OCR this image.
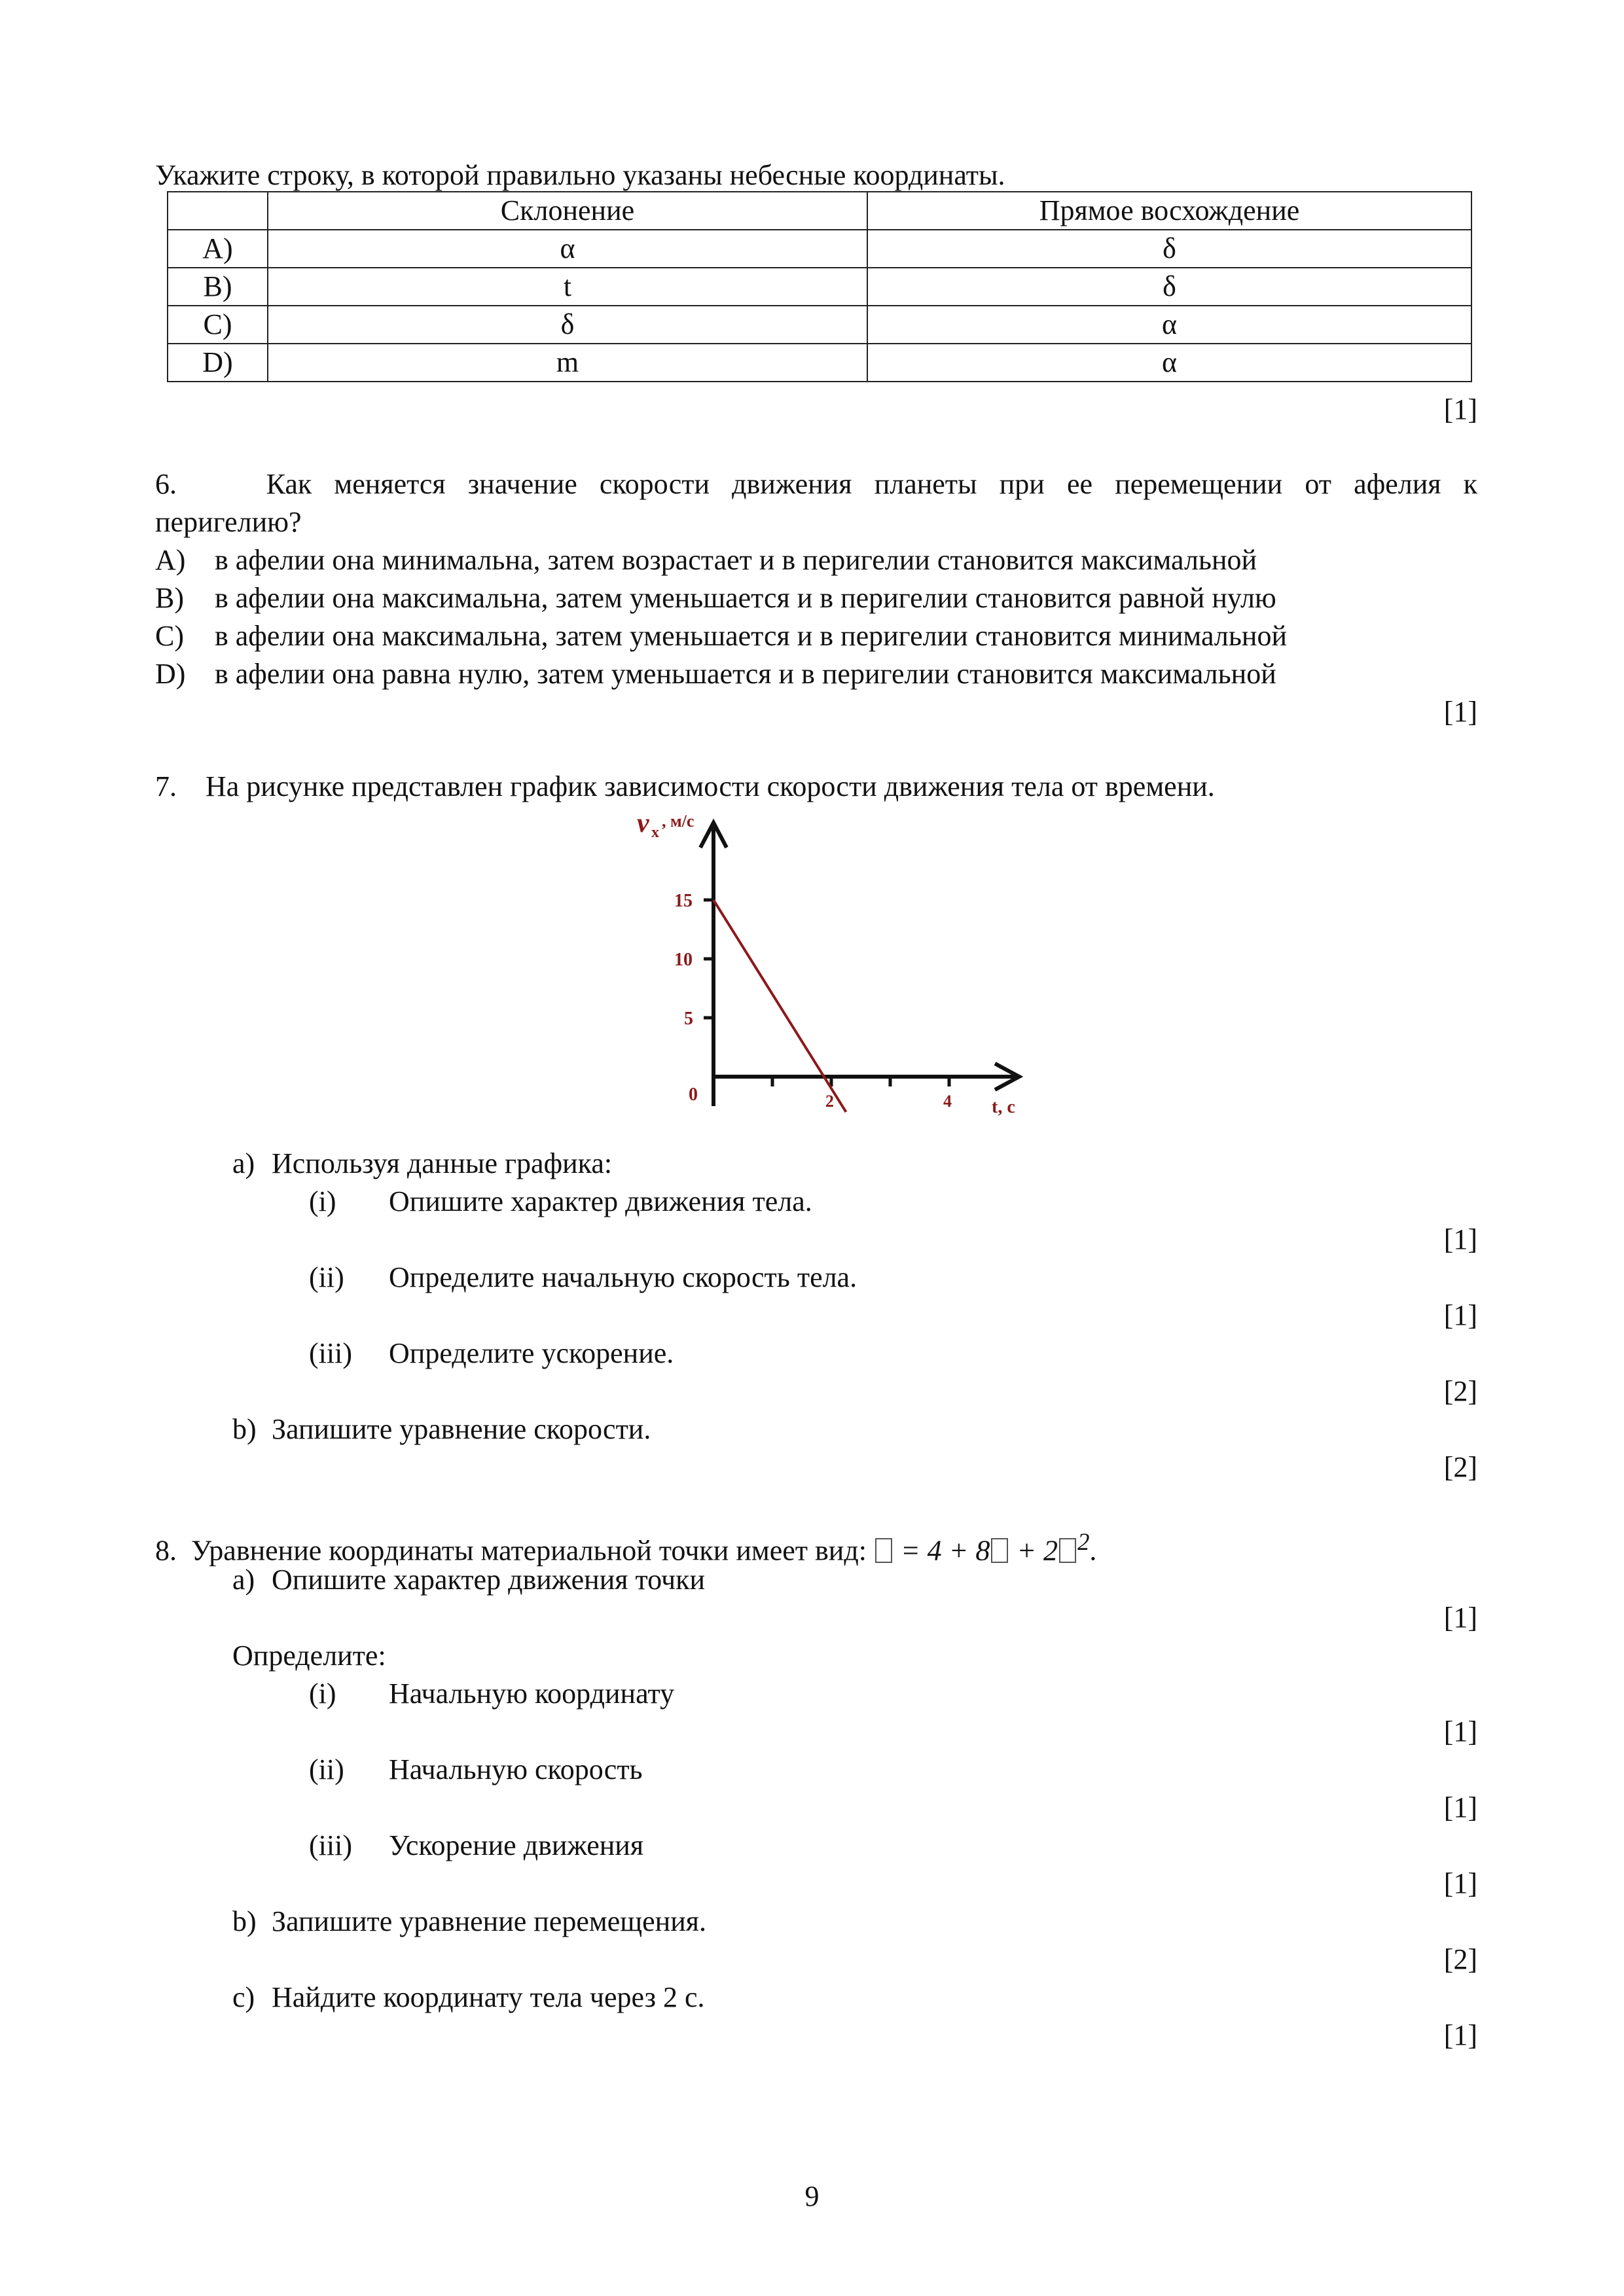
Укажите строку, в которой правильно указаны небесные координаты.
	Склонение	Прямое восхождение
A)	α	δ
B)	t	δ
C)	δ	α
D)	m	α
[1]
6.	Как меняется значение скорости движения планеты при ее перемещении от афелия к
перигелию?
A) в афелии она минимальна, затем возрастает и в перигелии становится максимальной
B) в афелии она максимальна, затем уменьшается и в перигелии становится равной нулю
C) в афелии она максимальна, затем уменьшается и в перигелии становится минимальной
D) в афелии она равна нулю, затем уменьшается и в перигелии становится максимальной
[1]
7. На рисунке представлен график зависимости скорости движения тела от времени.
v x
, м/с
15
10
5
0	2	4 t, c
a) Используя данные графика:
(i) Опишите характер движения тела.
[1]
(ii) Определите начальную скорость тела.
[1]
(iii) Определите ускорение.
[2]
b) Запишите уравнение скорости.
[2]
8. Уравнение координаты материальной точки имеет вид: = 4 + 8 + 2 $^2$.
a) Опишите характер движения точки
[1]
Определите:
(i) Начальную координату
[1]
(ii) Начальную скорость
[1]
(iii) Ускорение движения
[1]
b) Запишите уравнение перемещения.
[2]
c) Найдите координату тела через 2 с.
[1]
9
